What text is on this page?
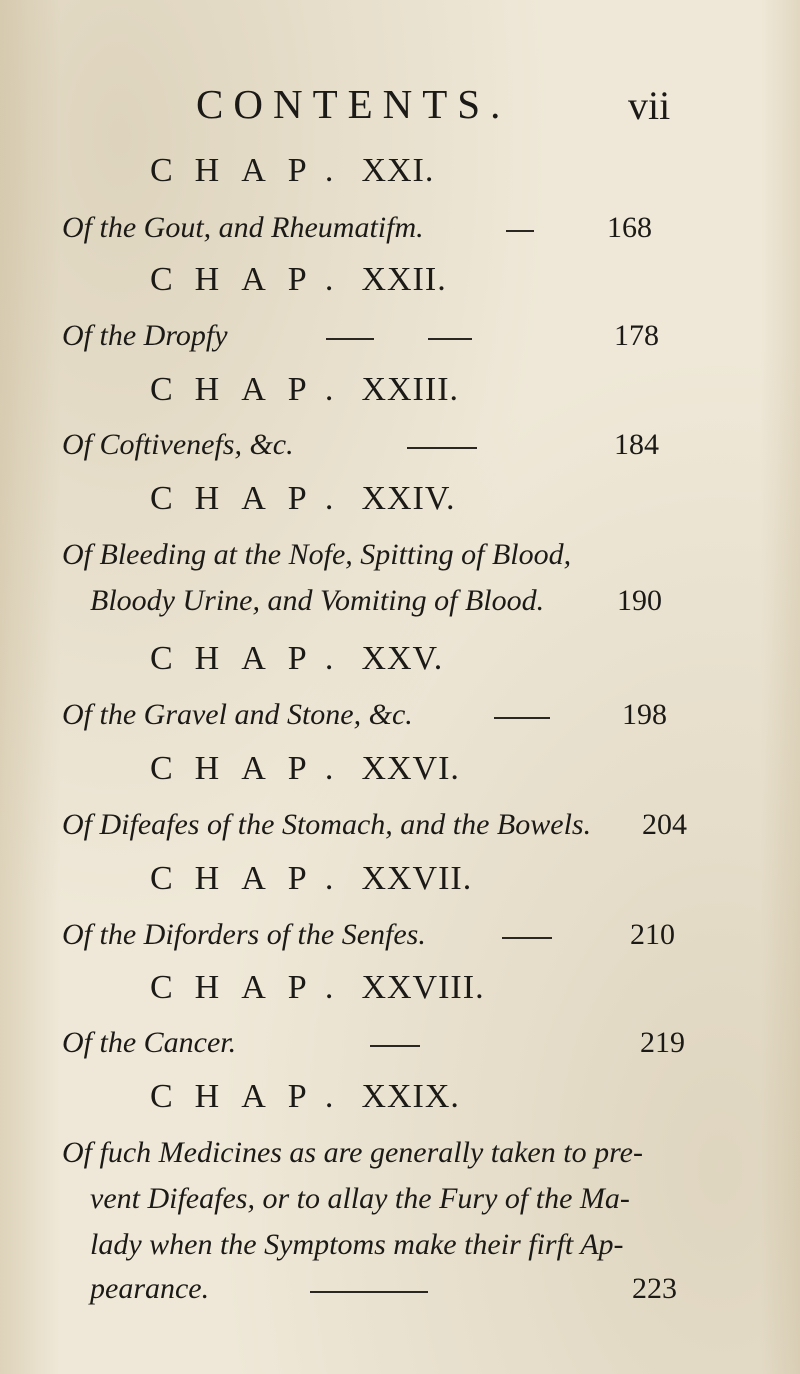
CONTENTS.	vii
CHAP. XXI.
Of the Gout, and Rheumatifm.	168
CHAP. XXII.
Of the Dropfy	178
CHAP. XXIII.
Of Coftivenefs, &c.	184
CHAP. XXIV.
Of Bleeding at the Nofe, Spitting of Blood,
Bloody Urine, and Vomiting of Blood. 190
CHAP. XXV.
Of the Gravel and Stone, &c.	198
CHAP. XXVI.
Of Difeafes of the Stomach, and the Bowels. 204
CHAP. XXVII.
Of the Diforders of the Senfes.	210
CHAP. XXVIII.
Of the Cancer.	219
CHAP. XXIX.
Of fuch Medicines as are generally taken to pre-
vent Difeafes, or to allay the Fury of the Ma-
lady when the Symptoms make their firft Ap-
pearance.	223
